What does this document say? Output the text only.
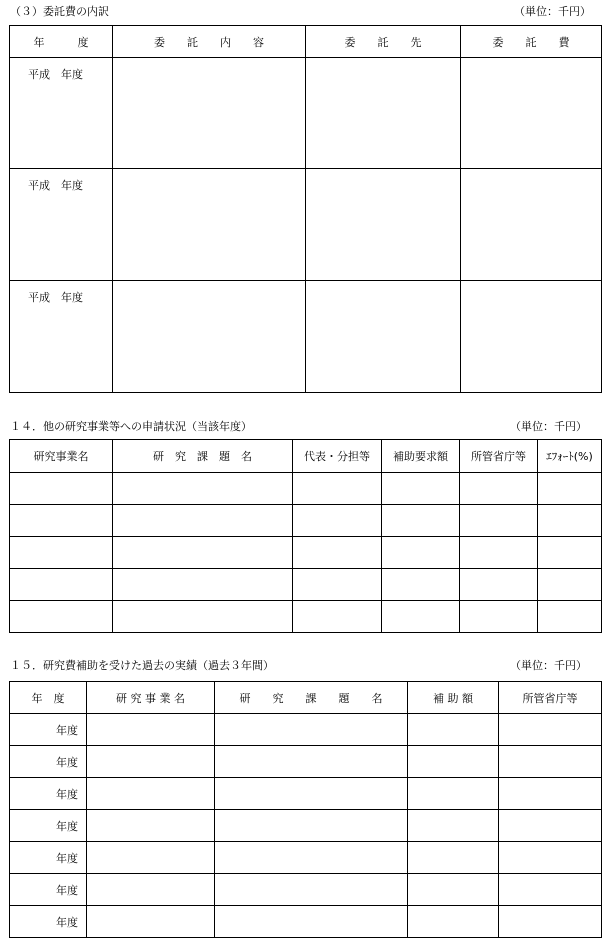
（３）委託費の内訳	（単位：千円）
年　　　度	委　　託　　内　　容	委　　託　　先	委　　託　　費
平成　年度			
平成　年度			
平成　年度			
１４．他の研究事業等への申請状況（当該年度）	（単位：千円）
研究事業名	研　究　課　題　名	代表・分担等	補助要求額	所管省庁等	ｴﾌｫｰﾄ(%)

１５．研究費補助を受けた過去の実績（過去３年間）	（単位：千円）
年　度	研 究 事 業 名	研　　究　　課　　題　　名	補 助 額	所管省庁等
年度				
年度				
年度				
年度				
年度				
年度				
年度				
